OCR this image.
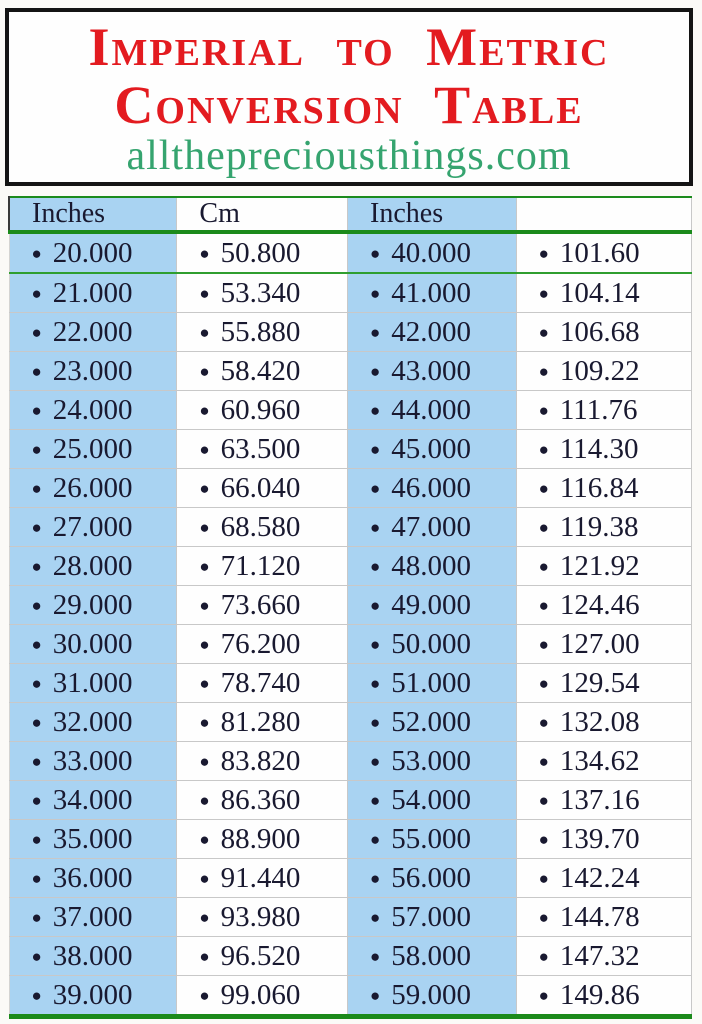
Imperial to Metric

Conversion Table

allthepreciousthings.com

Inches	Cm	Inches	
● 20.000	● 50.800	● 40.000	● 101.60
● 21.000	● 53.340	● 41.000	● 104.14
● 22.000	● 55.880	● 42.000	● 106.68
● 23.000	● 58.420	● 43.000	● 109.22
● 24.000	● 60.960	● 44.000	● 111.76
● 25.000	● 63.500	● 45.000	● 114.30
● 26.000	● 66.040	● 46.000	● 116.84
● 27.000	● 68.580	● 47.000	● 119.38
● 28.000	● 71.120	● 48.000	● 121.92
● 29.000	● 73.660	● 49.000	● 124.46
● 30.000	● 76.200	● 50.000	● 127.00
● 31.000	● 78.740	● 51.000	● 129.54
● 32.000	● 81.280	● 52.000	● 132.08
● 33.000	● 83.820	● 53.000	● 134.62
● 34.000	● 86.360	● 54.000	● 137.16
● 35.000	● 88.900	● 55.000	● 139.70
● 36.000	● 91.440	● 56.000	● 142.24
● 37.000	● 93.980	● 57.000	● 144.78
● 38.000	● 96.520	● 58.000	● 147.32
● 39.000	● 99.060	● 59.000	● 149.86
